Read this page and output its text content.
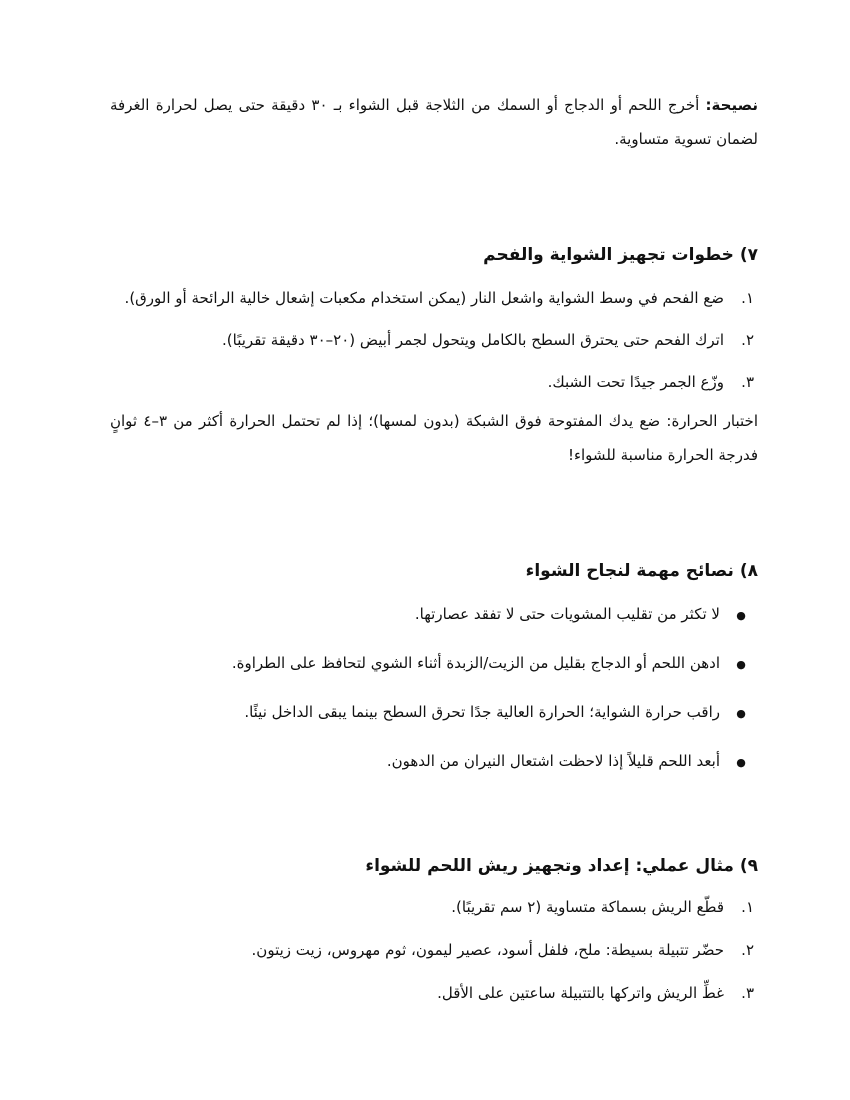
نصيحة: أخرج اللحم أو الدجاج أو السمك من الثلاجة قبل الشواء بـ ٣٠ دقيقة حتى يصل لحرارة الغرفة لضمان تسوية متساوية.

٧) خطوات تجهيز الشواية والفحم
١.
ضع الفحم في وسط الشواية واشعل النار (يمكن استخدام مكعبات إشعال خالية الرائحة أو الورق).
٢.
اترك الفحم حتى يحترق السطح بالكامل ويتحول لجمر أبيض (٢٠–٣٠ دقيقة تقريبًا).
٣.
وزّع الجمر جيدًا تحت الشبك.

اختبار الحرارة: ضع يدك المفتوحة فوق الشبكة (بدون لمسها)؛ إذا لم تحتمل الحرارة أكثر من ٣–٤ ثوانٍ فدرجة الحرارة مناسبة للشواء!

٨) نصائح مهمة لنجاح الشواء
●
لا تكثر من تقليب المشويات حتى لا تفقد عصارتها.
●
ادهن اللحم أو الدجاج بقليل من الزيت/الزبدة أثناء الشوي لتحافظ على الطراوة.
●
راقب حرارة الشواية؛ الحرارة العالية جدًا تحرق السطح بينما يبقى الداخل نيئًا.
●
أبعد اللحم قليلاً إذا لاحظت اشتعال النيران من الدهون.
٩) مثال عملي: إعداد وتجهيز ريش اللحم للشواء
١.
قطّع الريش بسماكة متساوية (٢ سم تقريبًا).
٢.
حضّر تتبيلة بسيطة: ملح، فلفل أسود، عصير ليمون، ثوم مهروس، زيت زيتون.
٣.
غطِّ الريش واتركها بالتتبيلة ساعتين على الأقل.
